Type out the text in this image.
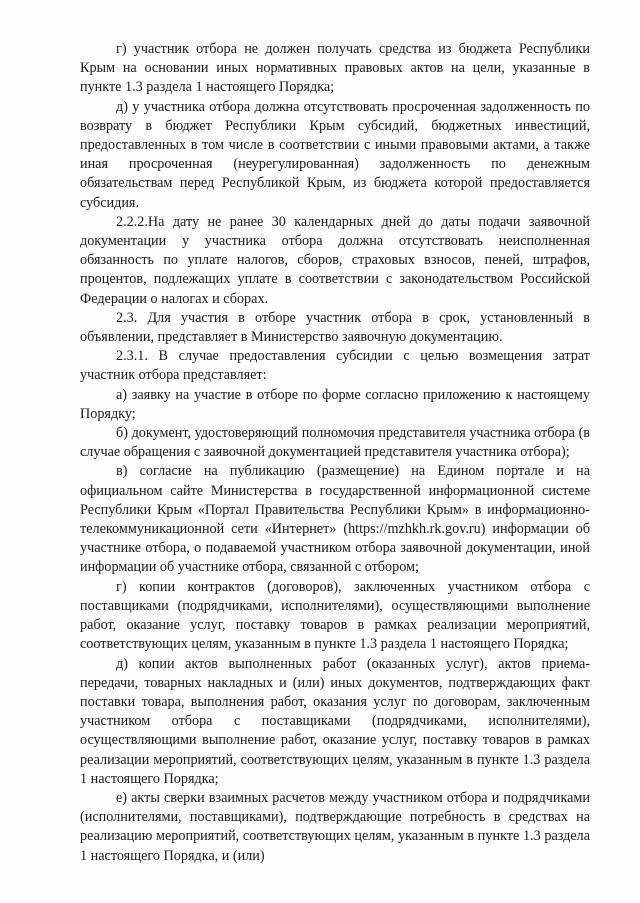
г) участник отбора не должен получать средства из бюджета Республики Крым на основании иных нормативных правовых актов на цели, указанные в пункте 1.3 раздела 1 настоящего Порядка;

д) у участника отбора должна отсутствовать просроченная задолженность по возврату в бюджет Республики Крым субсидий, бюджетных инвестиций, предоставленных в том числе в соответствии с иными правовыми актами, а также иная просроченная (неурегулированная) задолженность по денежным обязательствам перед Республикой Крым, из бюджета которой предоставляется субсидия.

2.2.2.На дату не ранее 30 календарных дней до даты подачи заявочной документации у участника отбора должна отсутствовать неисполненная обязанность по уплате налогов, сборов, страховых взносов, пеней, штрафов, процентов, подлежащих уплате в соответствии с законодательством Российской Федерации о налогах и сборах.

2.3. Для участия в отборе участник отбора в срок, установленный в объявлении, представляет в Министерство заявочную документацию.

2.3.1. В случае предоставления субсидии с целью возмещения затрат участник отбора представляет:

а) заявку на участие в отборе по форме согласно приложению к настоящему Порядку;

б) документ, удостоверяющий полномочия представителя участника отбора (в случае обращения с заявочной документацией представителя участника отбора);

в) согласие на публикацию (размещение) на Едином портале и на официальном сайте Министерства в государственной информационной системе Республики Крым «Портал Правительства Республики Крым» в информационно-телекоммуникационной сети «Интернет» (https://mzhkh.rk.gov.ru) информации об участнике отбора, о подаваемой участником отбора заявочной документации, иной информации об участнике отбора, связанной с отбором;

г) копии контрактов (договоров), заключенных участником отбора с поставщиками (подрядчиками, исполнителями), осуществляющими выполнение работ, оказание услуг, поставку товаров в рамках реализации мероприятий, соответствующих целям, указанным в пункте 1.3 раздела 1 настоящего Порядка;

д) копии актов выполненных работ (оказанных услуг), актов приема-передачи, товарных накладных и (или) иных документов, подтверждающих факт поставки товара, выполнения работ, оказания услуг по договорам, заключенным участником отбора с поставщиками (подрядчиками, исполнителями), осуществляющими выполнение работ, оказание услуг, поставку товаров в рамках реализации мероприятий, соответствующих целям, указанным в пункте 1.3 раздела 1 настоящего Порядка;

е) акты сверки взаимных расчетов между участником отбора и подрядчиками (исполнителями, поставщиками), подтверждающие потребность в средствах на реализацию мероприятий, соответствующих целям, указанным в пункте 1.3 раздела 1 настоящего Порядка, и (или)
